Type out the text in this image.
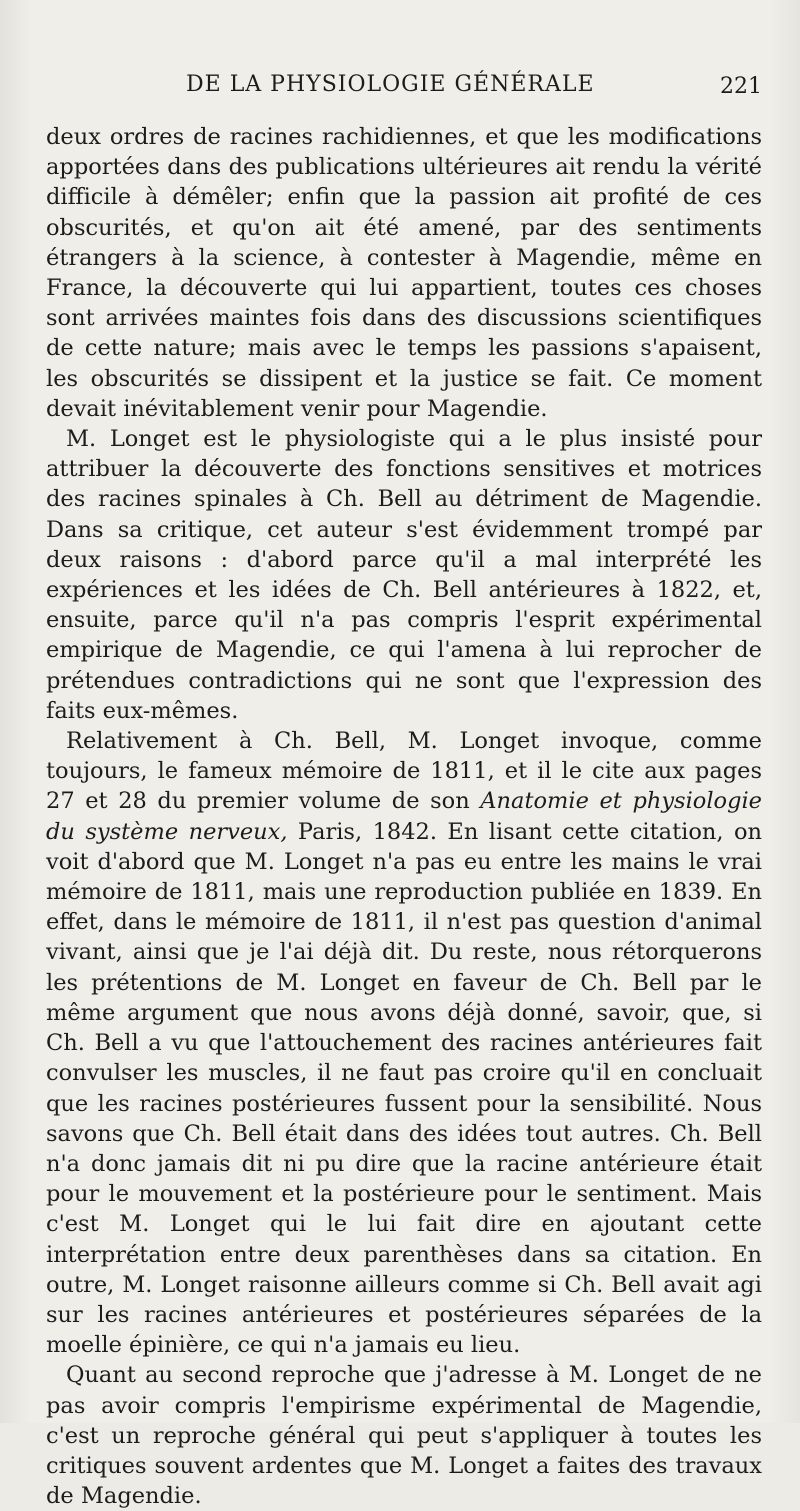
DE LA PHYSIOLOGIE GÉNÉRALE	221

deux ordres de racines rachidiennes, et que les modifications apportées dans des publications ultérieures ait rendu la vérité difficile à démêler; enfin que la passion ait profité de ces obscurités, et qu'on ait été amené, par des sentiments étrangers à la science, à contester à Magendie, même en France, la découverte qui lui appartient, toutes ces choses sont arrivées maintes fois dans des discussions scientifiques de cette nature; mais avec le temps les passions s'apaisent, les obscurités se dissipent et la justice se fait. Ce moment devait inévitablement venir pour Magendie.

M. Longet est le physiologiste qui a le plus insisté pour attribuer la découverte des fonctions sensitives et motrices des racines spinales à Ch. Bell au détriment de Magendie. Dans sa critique, cet auteur s'est évidemment trompé par deux raisons : d'abord parce qu'il a mal interprété les expériences et les idées de Ch. Bell antérieures à 1822, et, ensuite, parce qu'il n'a pas compris l'esprit expérimental empirique de Magendie, ce qui l'amena à lui reprocher de prétendues contradictions qui ne sont que l'expression des faits eux-mêmes.

Relativement à Ch. Bell, M. Longet invoque, comme toujours, le fameux mémoire de 1811, et il le cite aux pages 27 et 28 du premier volume de son Anatomie et physiologie du système nerveux, Paris, 1842. En lisant cette citation, on voit d'abord que M. Longet n'a pas eu entre les mains le vrai mémoire de 1811, mais une reproduction publiée en 1839. En effet, dans le mémoire de 1811, il n'est pas question d'animal vivant, ainsi que je l'ai déjà dit. Du reste, nous rétorquerons les prétentions de M. Longet en faveur de Ch. Bell par le même argument que nous avons déjà donné, savoir, que, si Ch. Bell a vu que l'attouchement des racines antérieures fait convulser les muscles, il ne faut pas croire qu'il en concluait que les racines postérieures fussent pour la sensibilité. Nous savons que Ch. Bell était dans des idées tout autres. Ch. Bell n'a donc jamais dit ni pu dire que la racine antérieure était pour le mouvement et la postérieure pour le sentiment. Mais c'est M. Longet qui le lui fait dire en ajoutant cette interprétation entre deux parenthèses dans sa citation. En outre, M. Longet raisonne ailleurs comme si Ch. Bell avait agi sur les racines antérieures et postérieures séparées de la moelle épinière, ce qui n'a jamais eu lieu.

Quant au second reproche que j'adresse à M. Longet de ne pas avoir compris l'empirisme expérimental de Magendie, c'est un reproche général qui peut s'appliquer à toutes les critiques souvent ardentes que M. Longet a faites des travaux de Magendie.
